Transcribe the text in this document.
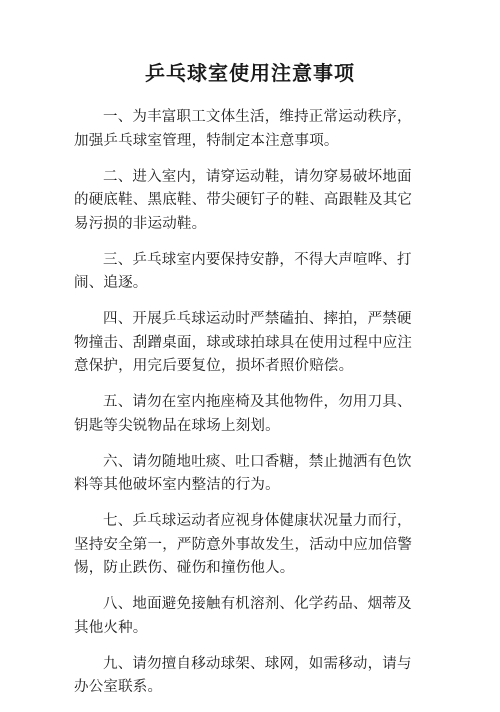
乒乓球室使用注意事项
一、为丰富职工文体生活，维持正常运动秩序，加强乒乓球室管理，特制定本注意事项。
二、进入室内，请穿运动鞋，请勿穿易破坏地面的硬底鞋、黑底鞋、带尖硬钉子的鞋、高跟鞋及其它易污损的非运动鞋。
三、乒乓球室内要保持安静，不得大声喧哗、打闹、追逐。
四、开展乒乓球运动时严禁磕拍、摔拍，严禁硬物撞击、刮蹭桌面，球或球拍球具在使用过程中应注意保护，用完后要复位，损坏者照价赔偿。
五、请勿在室内拖座椅及其他物件，勿用刀具、钥匙等尖锐物品在球场上刻划。
六、请勿随地吐痰、吐口香糖，禁止抛洒有色饮料等其他破坏室内整洁的行为。
七、乒乓球运动者应视身体健康状况量力而行，坚持安全第一，严防意外事故发生，活动中应加倍警惕，防止跌伤、碰伤和撞伤他人。
八、地面避免接触有机溶剂、化学药品、烟蒂及其他火种。
九、请勿擅自移动球架、球网，如需移动，请与办公室联系。
